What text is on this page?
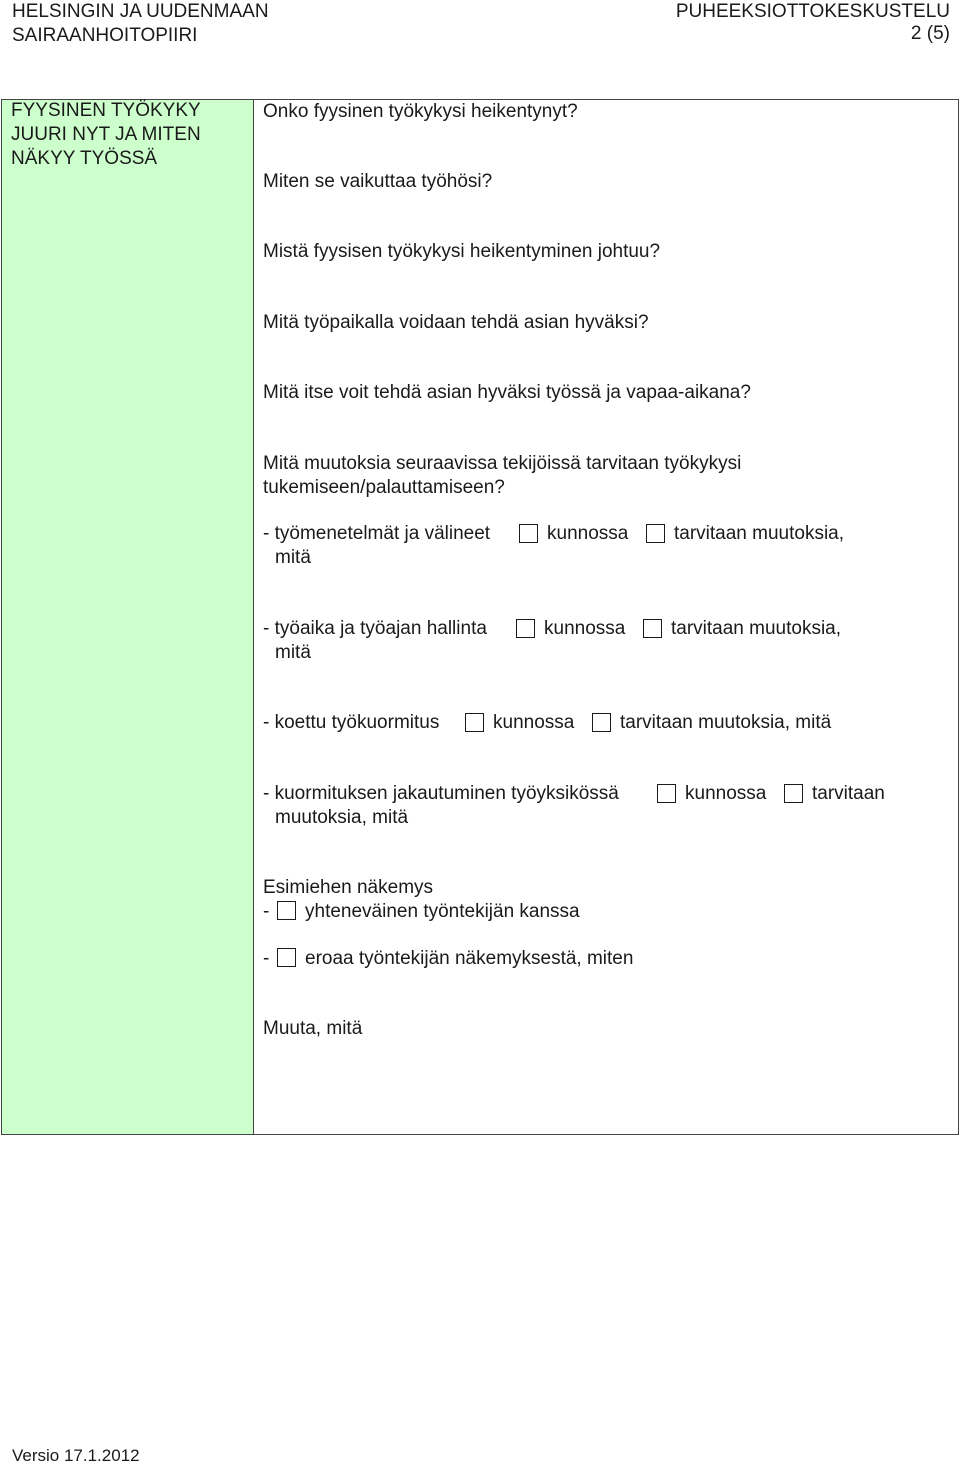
HELSINGIN JA UUDENMAAN
SAIRAANHOITOPIIRI
PUHEEKSIOTTOKESKUSTELU
2 (5)
FYYSINEN TYÖKYKY
JUURI NYT JA MITEN
NÄKYY TYÖSSÄ
Onko fyysinen työkykysi heikentynyt?
Miten se vaikuttaa työhösi?
Mistä fyysisen työkykysi heikentyminen johtuu?
Mitä työpaikalla voidaan tehdä asian hyväksi?
Mitä itse voit tehdä asian hyväksi työssä ja vapaa-aikana?
Mitä muutoksia seuraavissa tekijöissä tarvitaan työkykysi
tukemiseen/palauttamiseen?
- työmenetelmät ja välineet	kunnossa tarvitaan muutoksia,
mitä
- työaika ja työajan hallinta	kunnossa tarvitaan muutoksia,
mitä
- koettu työkuormitus	kunnossa tarvitaan muutoksia, mitä
- kuormituksen jakautuminen työyksikössä	kunnossa tarvitaan
muutoksia, mitä
Esimiehen näkemys
- yhteneväinen työntekijän kanssa
- eroaa työntekijän näkemyksestä, miten
Muuta, mitä
Versio 17.1.2012
